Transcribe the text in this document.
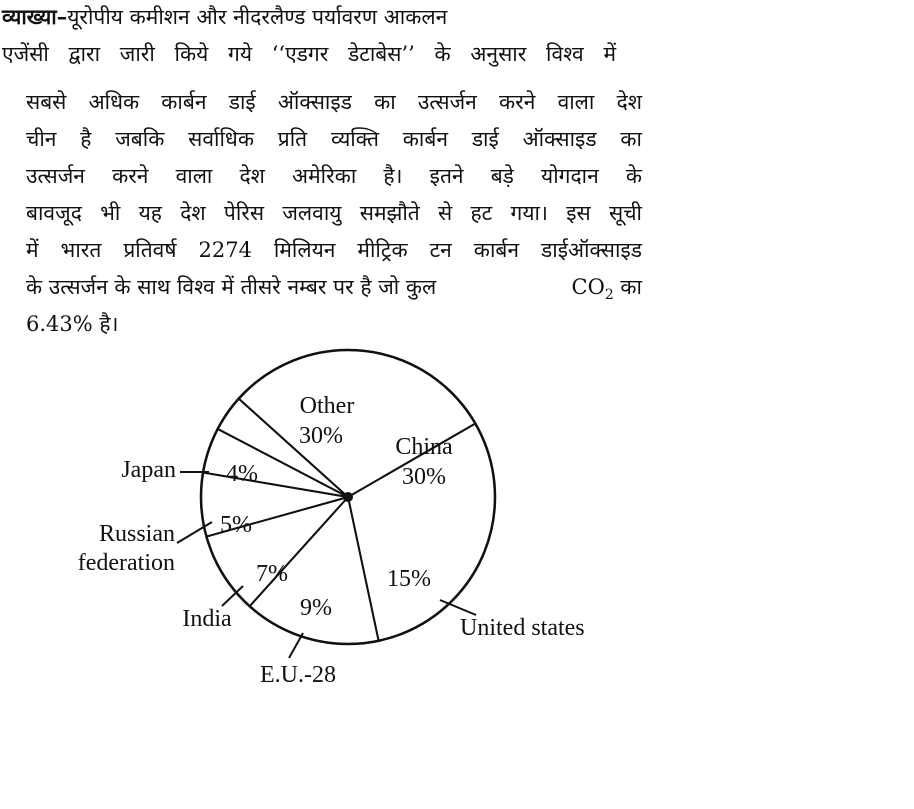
व्याख्या–यूरोपीय कमीशन और नीदरलैण्ड पर्यावरण आकलन
एजेंसी द्वारा जारी किये गये ‘‘एडगर डेटाबेस’’ के अनुसार विश्व में
सबसे अधिक कार्बन डाई ऑक्साइड का उत्सर्जन करने वाला देश
चीन है जबकि सर्वाधिक प्रति व्यक्ति कार्बन डाई ऑक्साइड का
उत्सर्जन करने वाला देश अमेरिका है। इतने बड़े योगदान के
बावजूद भी यह देश पेरिस जलवायु समझौते से हट गया। इस सूची
में भारत प्रतिवर्ष 2274 मिलियन मीट्रिक टन कार्बन डाईऑक्साइड
के उत्सर्जन के साथ विश्व में तीसरे नम्बर पर है जो कुल	$CO_2$ का
6.43% है।
Other
30% China
30%
4%
5%
7%
9%
15%
Japan
Russian
federation
India
E.U.-28
United states
